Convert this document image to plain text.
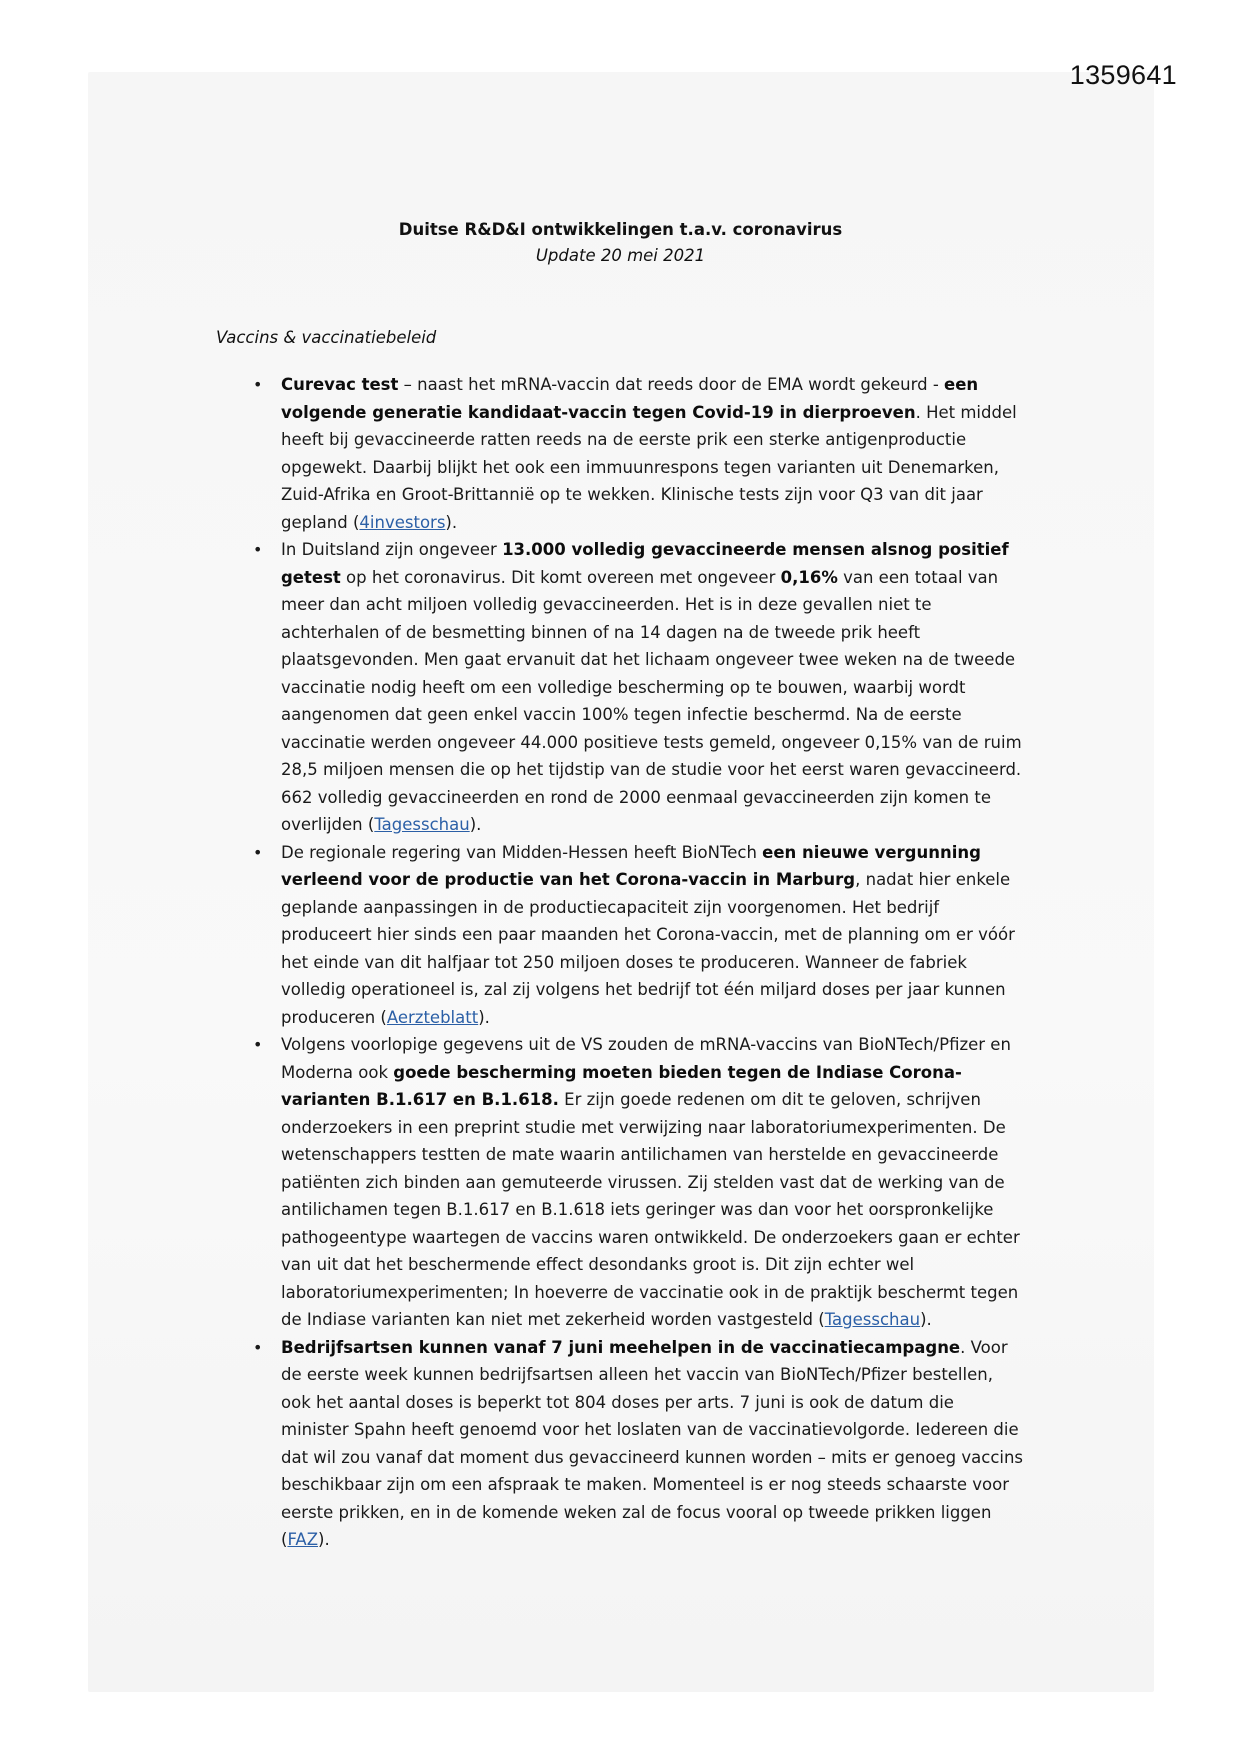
1359641
Duitse R&D&I ontwikkelingen t.a.v. coronavirus
Update 20 mei 2021
Vaccins & vaccinatiebeleid
• Curevac test – naast het mRNA-vaccin dat reeds door de EMA wordt gekeurd - een volgende generatie kandidaat-vaccin tegen Covid-19 in dierproeven. Het middel heeft bij gevaccineerde ratten reeds na de eerste prik een sterke antigenproductie opgewekt. Daarbij blijkt het ook een immuunrespons tegen varianten uit Denemarken, Zuid-Afrika en Groot-Brittannië op te wekken. Klinische tests zijn voor Q3 van dit jaar gepland (4investors).
• In Duitsland zijn ongeveer 13.000 volledig gevaccineerde mensen alsnog positief getest op het coronavirus. Dit komt overeen met ongeveer 0,16% van een totaal van meer dan acht miljoen volledig gevaccineerden. Het is in deze gevallen niet te achterhalen of de besmetting binnen of na 14 dagen na de tweede prik heeft plaatsgevonden. Men gaat ervanuit dat het lichaam ongeveer twee weken na de tweede vaccinatie nodig heeft om een volledige bescherming op te bouwen, waarbij wordt aangenomen dat geen enkel vaccin 100% tegen infectie beschermd. Na de eerste vaccinatie werden ongeveer 44.000 positieve tests gemeld, ongeveer 0,15% van de ruim 28,5 miljoen mensen die op het tijdstip van de studie voor het eerst waren gevaccineerd. 662 volledig gevaccineerden en rond de 2000 eenmaal gevaccineerden zijn komen te overlijden (Tagesschau).
• De regionale regering van Midden-Hessen heeft BioNTech een nieuwe vergunning verleend voor de productie van het Corona-vaccin in Marburg, nadat hier enkele geplande aanpassingen in de productiecapaciteit zijn voorgenomen. Het bedrijf produceert hier sinds een paar maanden het Corona-vaccin, met de planning om er vóór het einde van dit halfjaar tot 250 miljoen doses te produceren. Wanneer de fabriek volledig operationeel is, zal zij volgens het bedrijf tot één miljard doses per jaar kunnen produceren (Aerzteblatt).
• Volgens voorlopige gegevens uit de VS zouden de mRNA-vaccins van BioNTech/Pfizer en Moderna ook goede bescherming moeten bieden tegen de Indiase Corona-varianten B.1.617 en B.1.618. Er zijn goede redenen om dit te geloven, schrijven onderzoekers in een preprint studie met verwijzing naar laboratoriumexperimenten. De wetenschappers testten de mate waarin antilichamen van herstelde en gevaccineerde patiënten zich binden aan gemuteerde virussen. Zij stelden vast dat de werking van de antilichamen tegen B.1.617 en B.1.618 iets geringer was dan voor het oorspronkelijke pathogeentype waartegen de vaccins waren ontwikkeld. De onderzoekers gaan er echter van uit dat het beschermende effect desondanks groot is. Dit zijn echter wel laboratoriumexperimenten; In hoeverre de vaccinatie ook in de praktijk beschermt tegen de Indiase varianten kan niet met zekerheid worden vastgesteld (Tagesschau).
• Bedrijfsartsen kunnen vanaf 7 juni meehelpen in de vaccinatiecampagne. Voor de eerste week kunnen bedrijfsartsen alleen het vaccin van BioNTech/Pfizer bestellen, ook het aantal doses is beperkt tot 804 doses per arts. 7 juni is ook de datum die minister Spahn heeft genoemd voor het loslaten van de vaccinatievolgorde. Iedereen die dat wil zou vanaf dat moment dus gevaccineerd kunnen worden – mits er genoeg vaccins beschikbaar zijn om een afspraak te maken. Momenteel is er nog steeds schaarste voor eerste prikken, en in de komende weken zal de focus vooral op tweede prikken liggen (FAZ).
